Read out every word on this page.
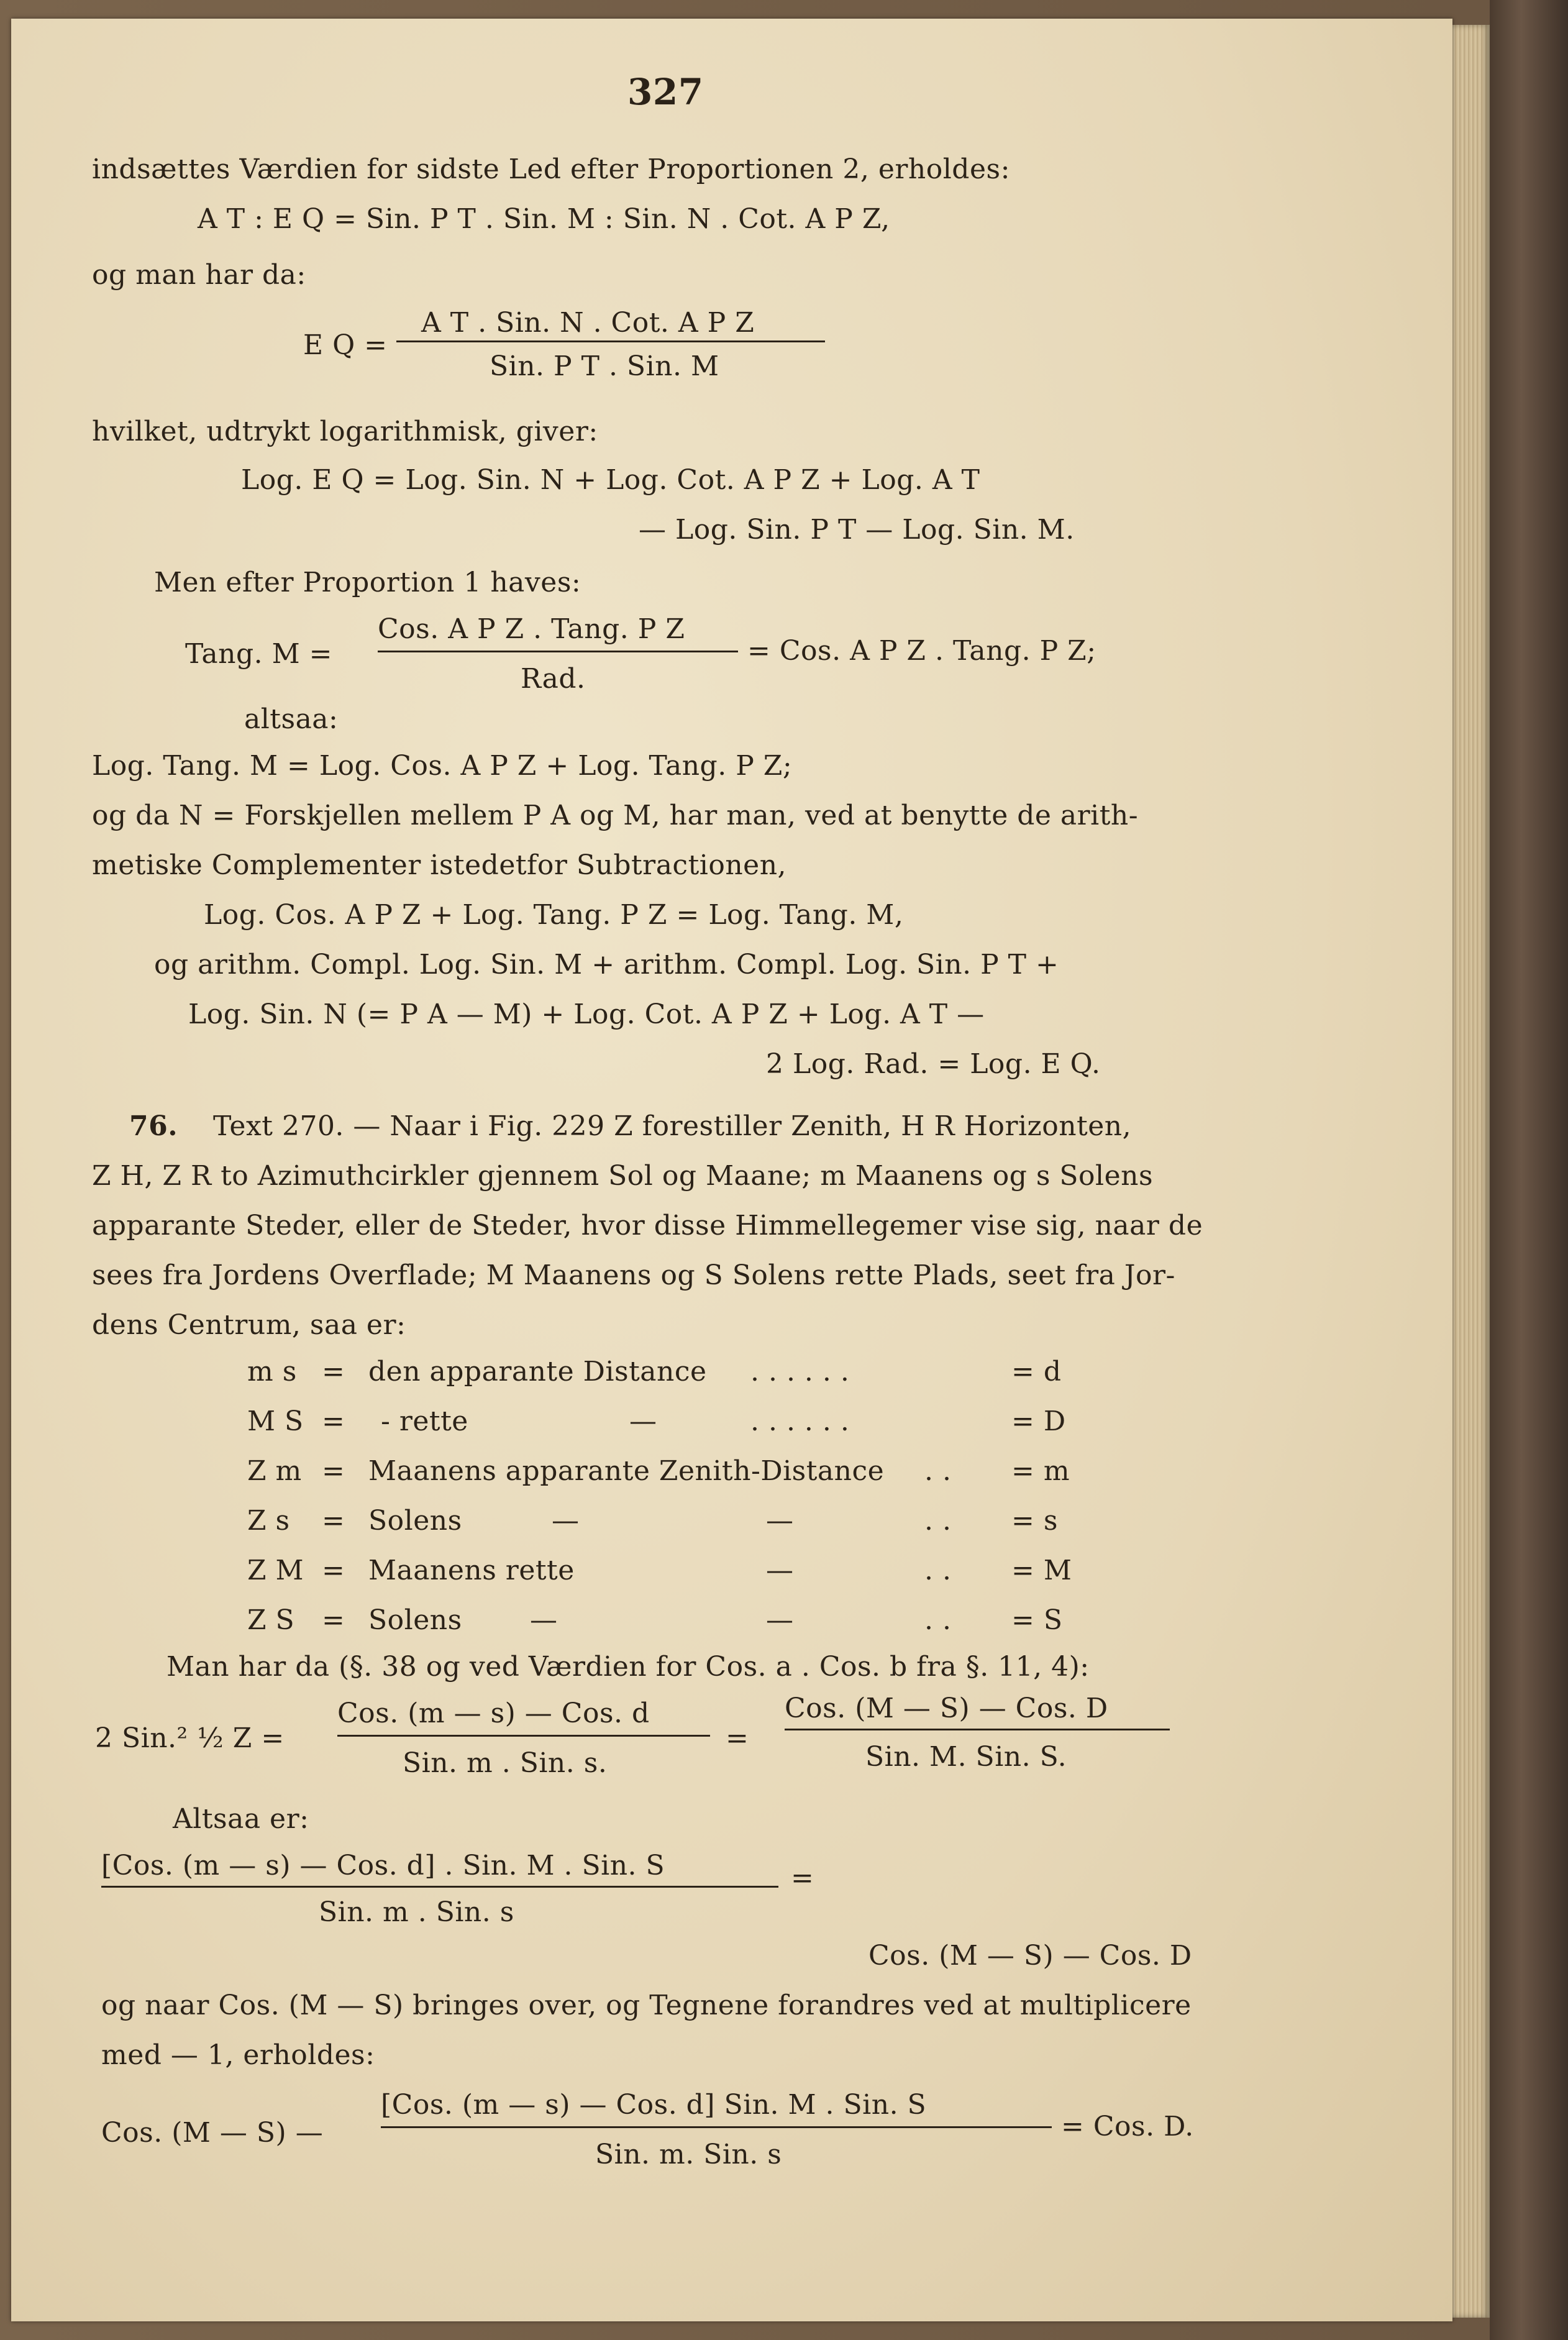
327
indsættes Værdien for sidste Led efter Proportionen 2, erholdes:
A T : E Q = Sin. P T . Sin. M : Sin. N . Cot. A P Z,
og man har da:
E Q =
A T . Sin. N . Cot. A P Z
Sin. P T . Sin. M
hvilket, udtrykt logarithmisk, giver:
Log. E Q = Log. Sin. N + Log. Cot. A P Z + Log. A T
— Log. Sin. P T — Log. Sin. M.
Men efter Proportion 1 haves:
Tang. M =
Cos. A P Z . Tang. P Z
Rad.
= Cos. A P Z . Tang. P Z;
altsaa:
Log. Tang. M = Log. Cos. A P Z + Log. Tang. P Z;
og da N = Forskjellen mellem P A og M, har man, ved at benytte de arith-
metiske Complementer istedetfor Subtractionen,
Log. Cos. A P Z + Log. Tang. P Z = Log. Tang. M,
og arithm. Compl. Log. Sin. M + arithm. Compl. Log. Sin. P T +
Log. Sin. N (= P A — M) + Log. Cot. A P Z + Log. A T —
2 Log. Rad. = Log. E Q.
76. Text 270. — Naar i Fig. 229 Z forestiller Zenith, H R Horizonten,
Z H, Z R to Azimuthcirkler gjennem Sol og Maane; m Maanens og s Solens
apparante Steder, eller de Steder, hvor disse Himmellegemer vise sig, naar de
sees fra Jordens Overflade; M Maanens og S Solens rette Plads, seet fra Jor-
dens Centrum, saa er:
m s = den apparante Distance . . . . . .	= d
M S = - rette	—	. . . . . .	= D
Z m = Maanens apparante Zenith-Distance . . = m
Z s = Solens	—	—	. . = s
Z M = Maanens rette	—	. . = M
Z S = Solens —	—	. . = S
Man har da (§. 38 og ved Værdien for Cos. a . Cos. b fra §. 11, 4):
2 Sin.² ½ Z =
Cos. (m — s) — Cos. d
Sin. m . Sin. s.
=
Cos. (M — S) — Cos. D
Sin. M. Sin. S.
Altsaa er:
[Cos. (m — s) — Cos. d] . Sin. M . Sin. S	=
Sin. m . Sin. s
Cos. (M — S) — Cos. D
og naar Cos. (M — S) bringes over, og Tegnene forandres ved at multiplicere
med — 1, erholdes:
Cos. (M — S) —
[Cos. (m — s) — Cos. d] Sin. M . Sin. S
Sin. m. Sin. s
= Cos. D.
